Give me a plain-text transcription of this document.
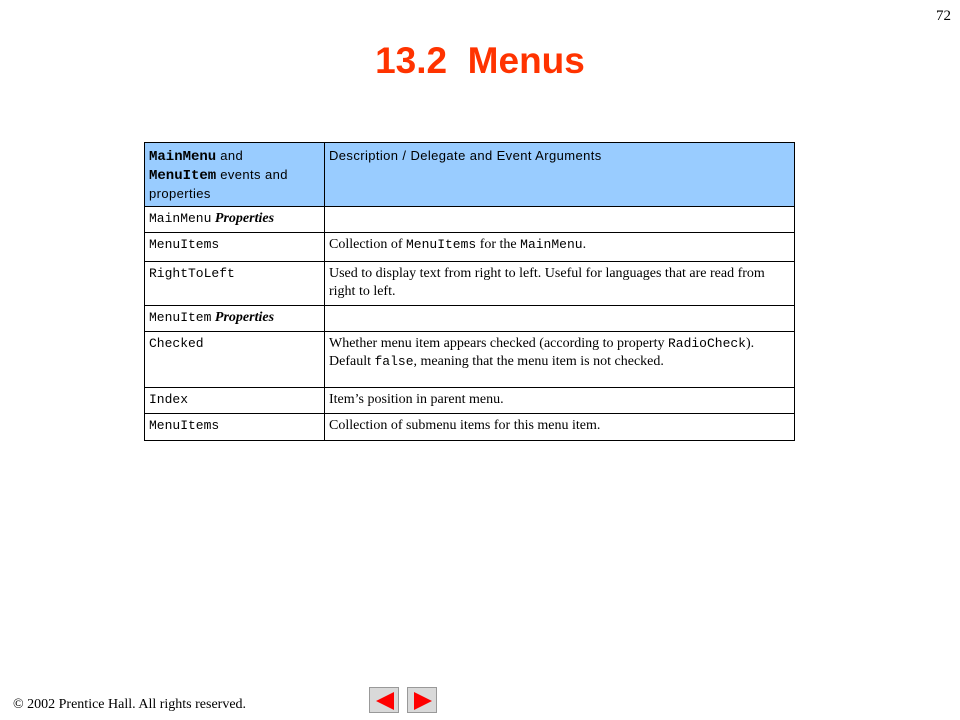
72
13.2  Menus
MainMenu and
MenuItem events and
properties	Description / Delegate and Event Arguments
MainMenu Properties	
MenuItems	Collection of MenuItems for the MainMenu.
RightToLeft	Used to display text from right to left. Useful for languages that are read from right to left.
MenuItem Properties	
Checked	Whether menu item appears checked (according to property RadioCheck). Default false, meaning that the menu item is not checked.
Index	Item’s position in parent menu.
MenuItems	Collection of submenu items for this menu item.
© 2002 Prentice Hall. All rights reserved.
